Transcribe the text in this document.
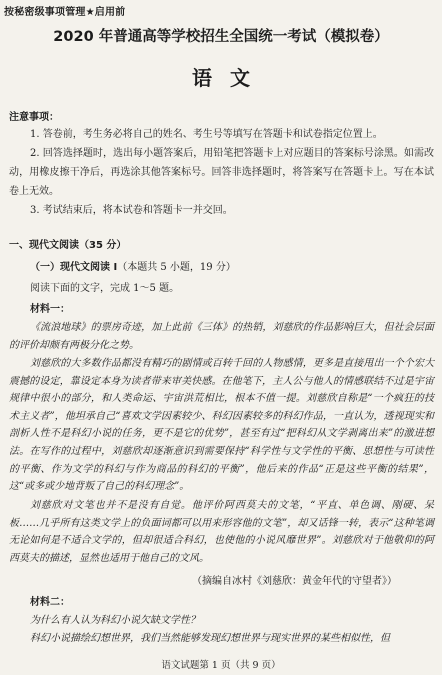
按秘密级事项管理★启用前
2020 年普通高等学校招生全国统一考试（模拟卷）
语文
注意事项：
1. 答卷前，考生务必将自己的姓名、考生号等填写在答题卡和试卷指定位置上。
2. 回答选择题时，选出每小题答案后，用铅笔把答题卡上对应题目的答案标号涂黑。如需改动，用橡皮擦干净后，再选涂其他答案标号。回答非选择题时，将答案写在答题卡上。写在本试卷上无效。
3. 考试结束后，将本试卷和答题卡一并交回。
一、现代文阅读（35 分）
（一）现代文阅读 I（本题共 5 小题，19 分）
阅读下面的文字，完成 1～5 题。
材料一：
《流浪地球》的票房奇迹，加上此前《三体》的热销，刘慈欣的作品影响巨大，但社会层面的评价却颇有两极分化之势。
刘慈欣的大多数作品都没有精巧的剧情或百转千回的人物感情，更多是直接甩出一个个宏大震撼的设定，靠设定本身为读者带来审美快感。在他笔下，主人公与他人的情感联结不过是宇宙规律中很小的部分，和人类命运、宇宙洪荒相比，根本不值一提。刘慈欣自称是“一个疯狂的技术主义者”，他坦承自己“喜欢文学因素较少、科幻因素较多的科幻作品，一直认为，透视现实和剖析人性不是科幻小说的任务，更不是它的优势”，甚至有过“把科幻从文学剥离出来”的激进想法。在写作的过程中，刘慈欣却逐渐意识到需要保持“科学性与文学性的平衡、思想性与可读性的平衡、作为文学的科幻与作为商品的科幻的平衡”，他后来的作品“正是这些平衡的结果”，这“或多或少地背叛了自己的科幻理念”。
刘慈欣对文笔也并不是没有自觉。他评价阿西莫夫的文笔，“平直、单色调、刚硬、呆板……几乎所有这类文学上的负面词都可以用来形容他的文笔”，却又话锋一转，表示“这种笔调无论如何是不适合文学的，但却很适合科幻，也使他的小说风靡世界”。刘慈欣对于他敬仰的阿西莫夫的描述，显然也适用于他自己的文风。
（摘编自冰村《刘慈欣：黄金年代的守望者》）
材料二：
为什么有人认为科幻小说欠缺文学性？
科幻小说描绘幻想世界，我们当然能够发现幻想世界与现实世界的某些相似性，但
语文试题第 1 页（共 9 页）
